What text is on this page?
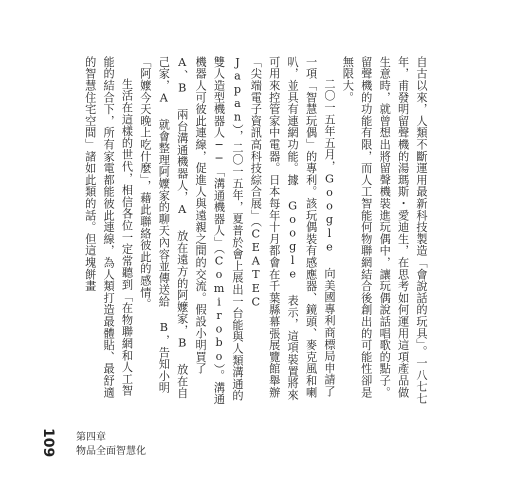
自古以來，人類不斷運用最新科技製造「會說話的玩具」。一八七七年，甫發明留聲機的湯瑪斯・愛迪生，在思考如何運用這項產品做生意時，就曾想出將留聲機裝進玩偶中，讓玩偶說話唱歌的點子。留聲機的功能有限，而人工智能何物聯網結合後創出的可能性卻是無限大。

二〇一五年五月，Google 向美國專利商標局申請了一項「智慧玩偶」的專利。該玩偶裝有感應器、鏡頭、麥克風和喇叭，並具有連網功能。據 Google 表示，這項裝置將來可用來控管家中電器。日本每年十月都會在千葉縣幕張展覽館舉辦「尖端電子資訊高科技綜合展」（CEATEC Japan），二〇一五年，夏普於會上展出一台能與人類溝通的雙人造型機器人──「溝通機器人」（Comirobo）。溝通機器人可彼此連線，促進人與遠親之間的交流。假設小明買了 A、B 兩台溝通機器人，A 放在遠方的阿嬤家，B 放在自己家，A 就會整理阿嬤家的聊天內容並傳送給 B，告知小明「阿嬤今天晚上吃什麼」，藉此聯絡彼此的感情。

生活在這樣的世代，相信各位一定常聽到「在物聯網和人工智能的結合下，所有家電都能彼此連線，為人類打造最體貼、最舒適的智慧住宅空間」諸如此類的話。但這塊餅畫

109 第四章
物品全面智慧化
